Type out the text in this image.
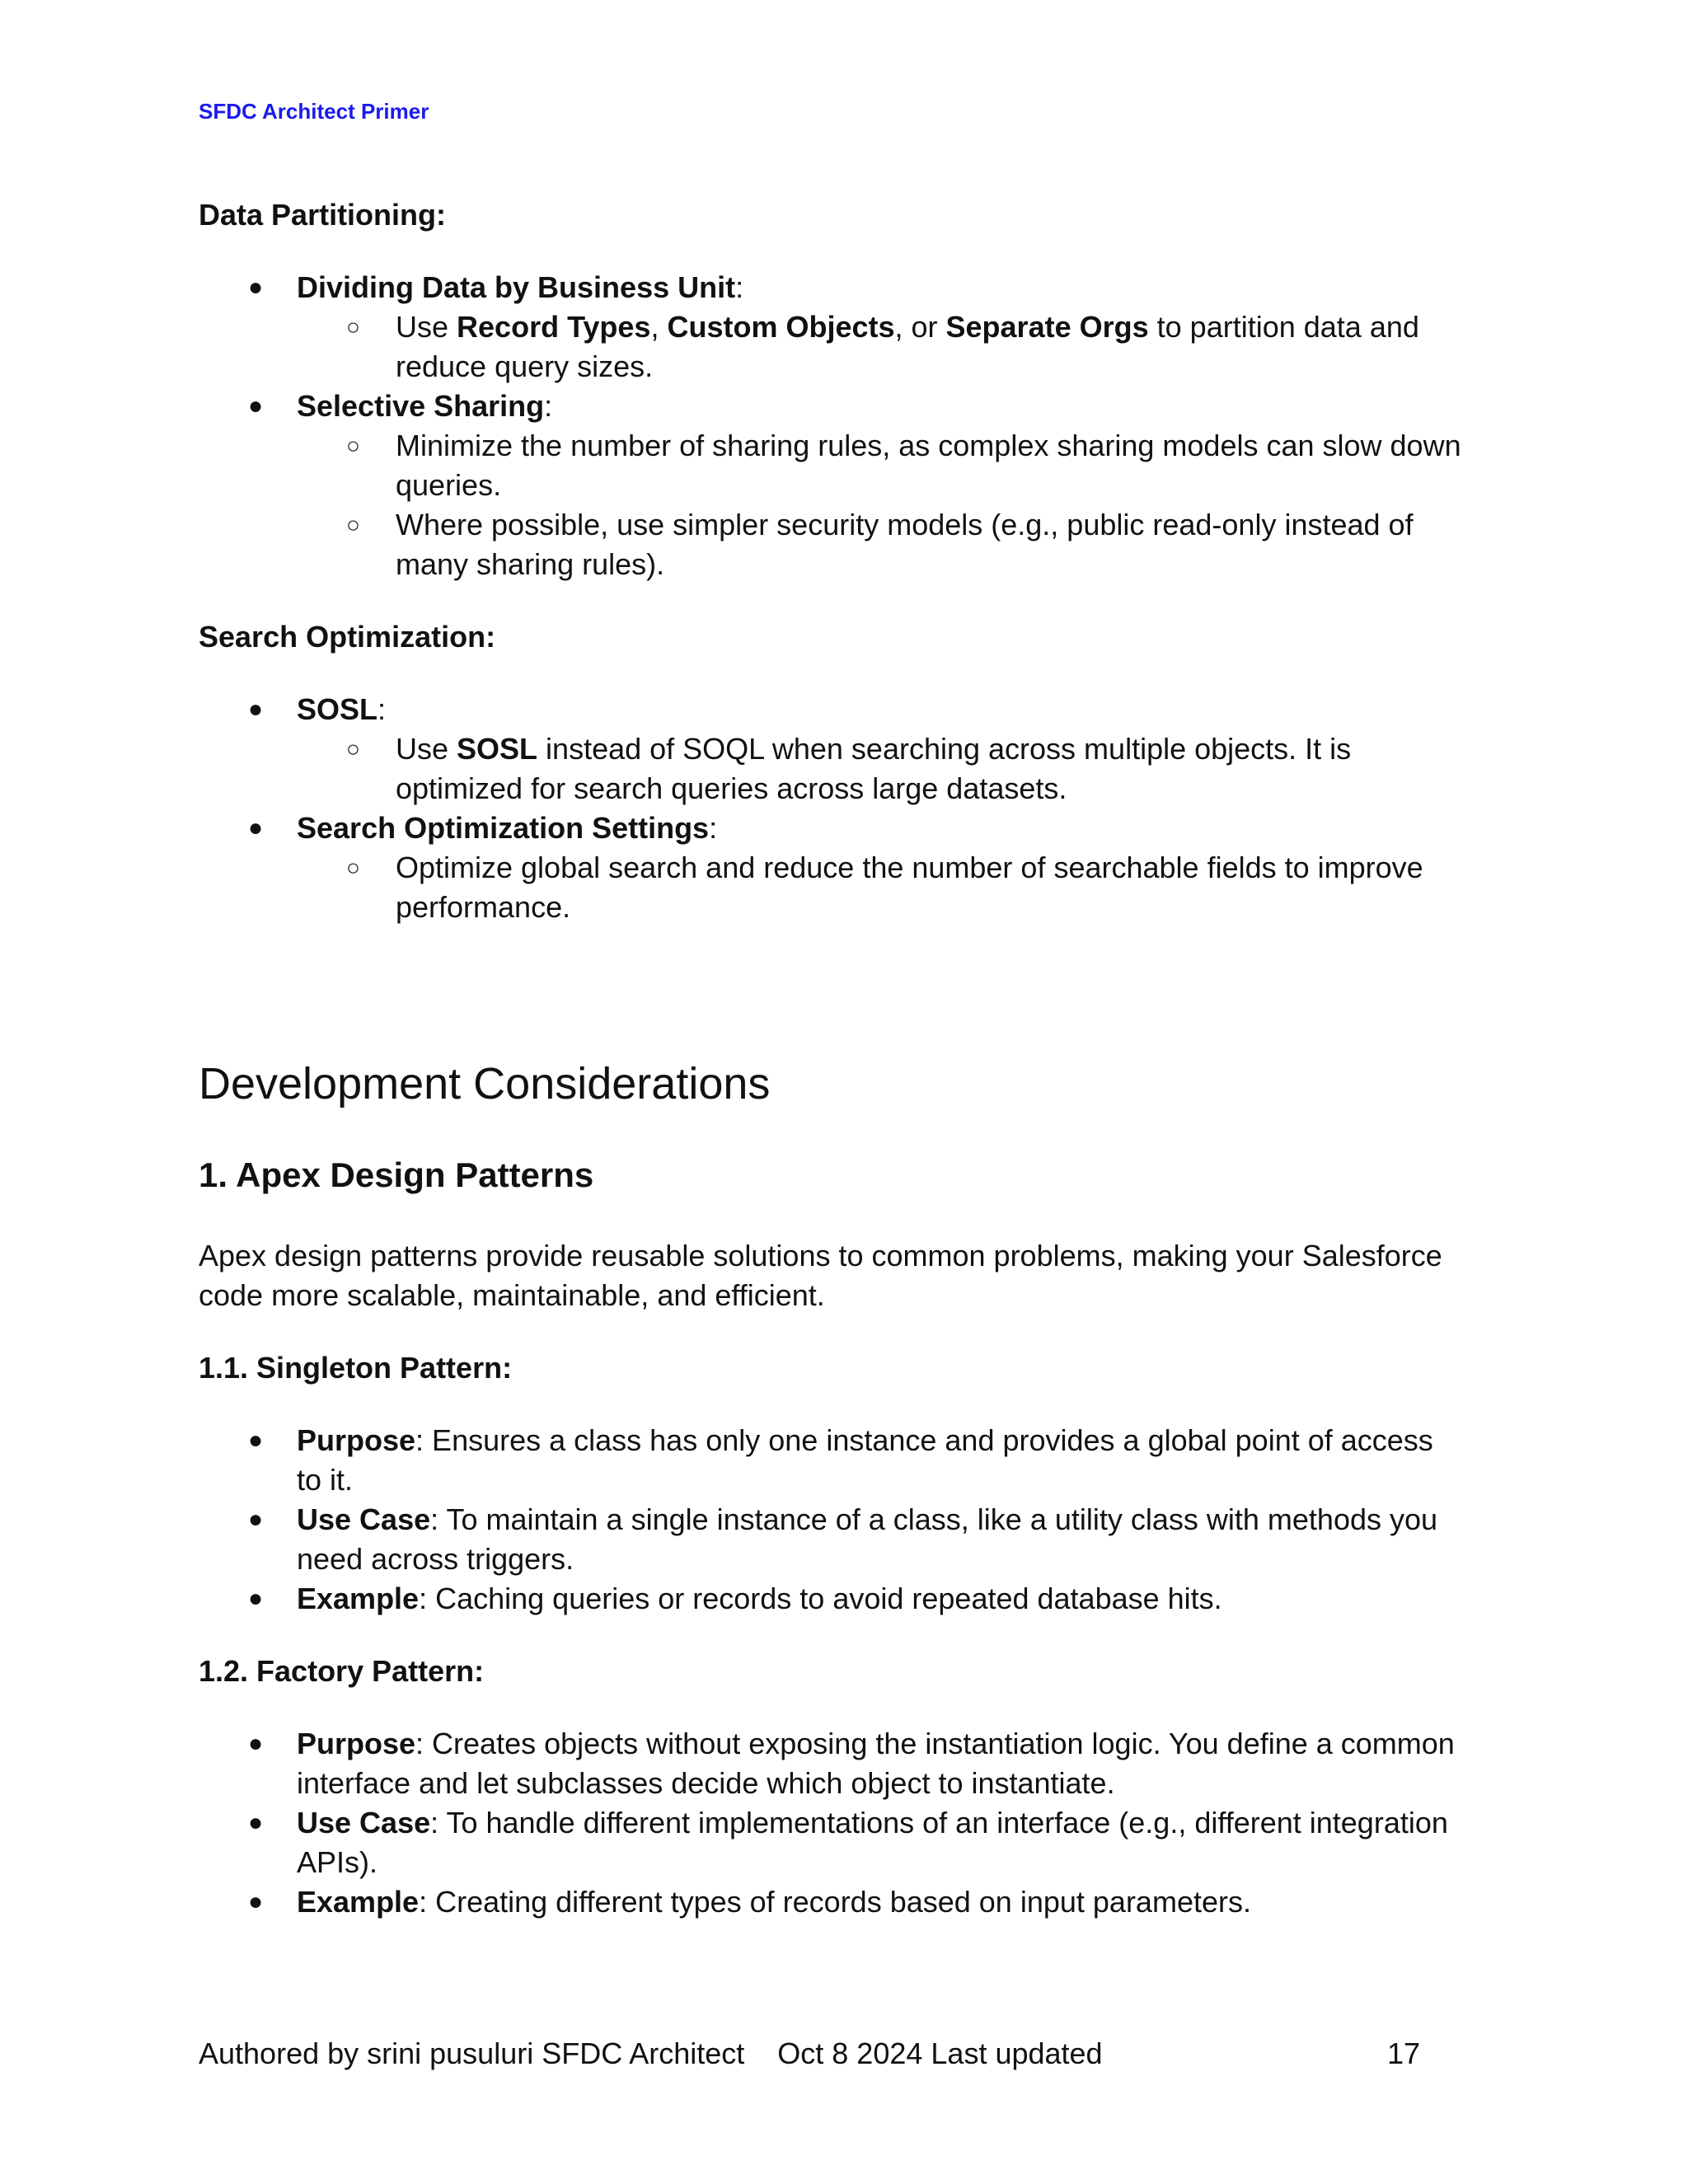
SFDC Architect Primer
Data Partitioning:
● Dividing Data by Business Unit:
○ Use Record Types, Custom Objects, or Separate Orgs to partition data and
reduce query sizes.
● Selective Sharing:
○ Minimize the number of sharing rules, as complex sharing models can slow down
queries.
○ Where possible, use simpler security models (e.g., public read-only instead of
many sharing rules).
Search Optimization:
● SOSL:
○ Use SOSL instead of SOQL when searching across multiple objects. It is
optimized for search queries across large datasets.
● Search Optimization Settings:
○ Optimize global search and reduce the number of searchable fields to improve
performance.
Development Considerations
1. Apex Design Patterns
Apex design patterns provide reusable solutions to common problems, making your Salesforce
code more scalable, maintainable, and efficient.
1.1. Singleton Pattern:
● Purpose: Ensures a class has only one instance and provides a global point of access
to it.
● Use Case: To maintain a single instance of a class, like a utility class with methods you
need across triggers.
● Example: Caching queries or records to avoid repeated database hits.
1.2. Factory Pattern:
● Purpose: Creates objects without exposing the instantiation logic. You define a common
interface and let subclasses decide which object to instantiate.
● Use Case: To handle different implementations of an interface (e.g., different integration
APIs).
● Example: Creating different types of records based on input parameters.
Authored by srini pusuluri SFDC Architect    Oct 8 2024 Last updated	17
